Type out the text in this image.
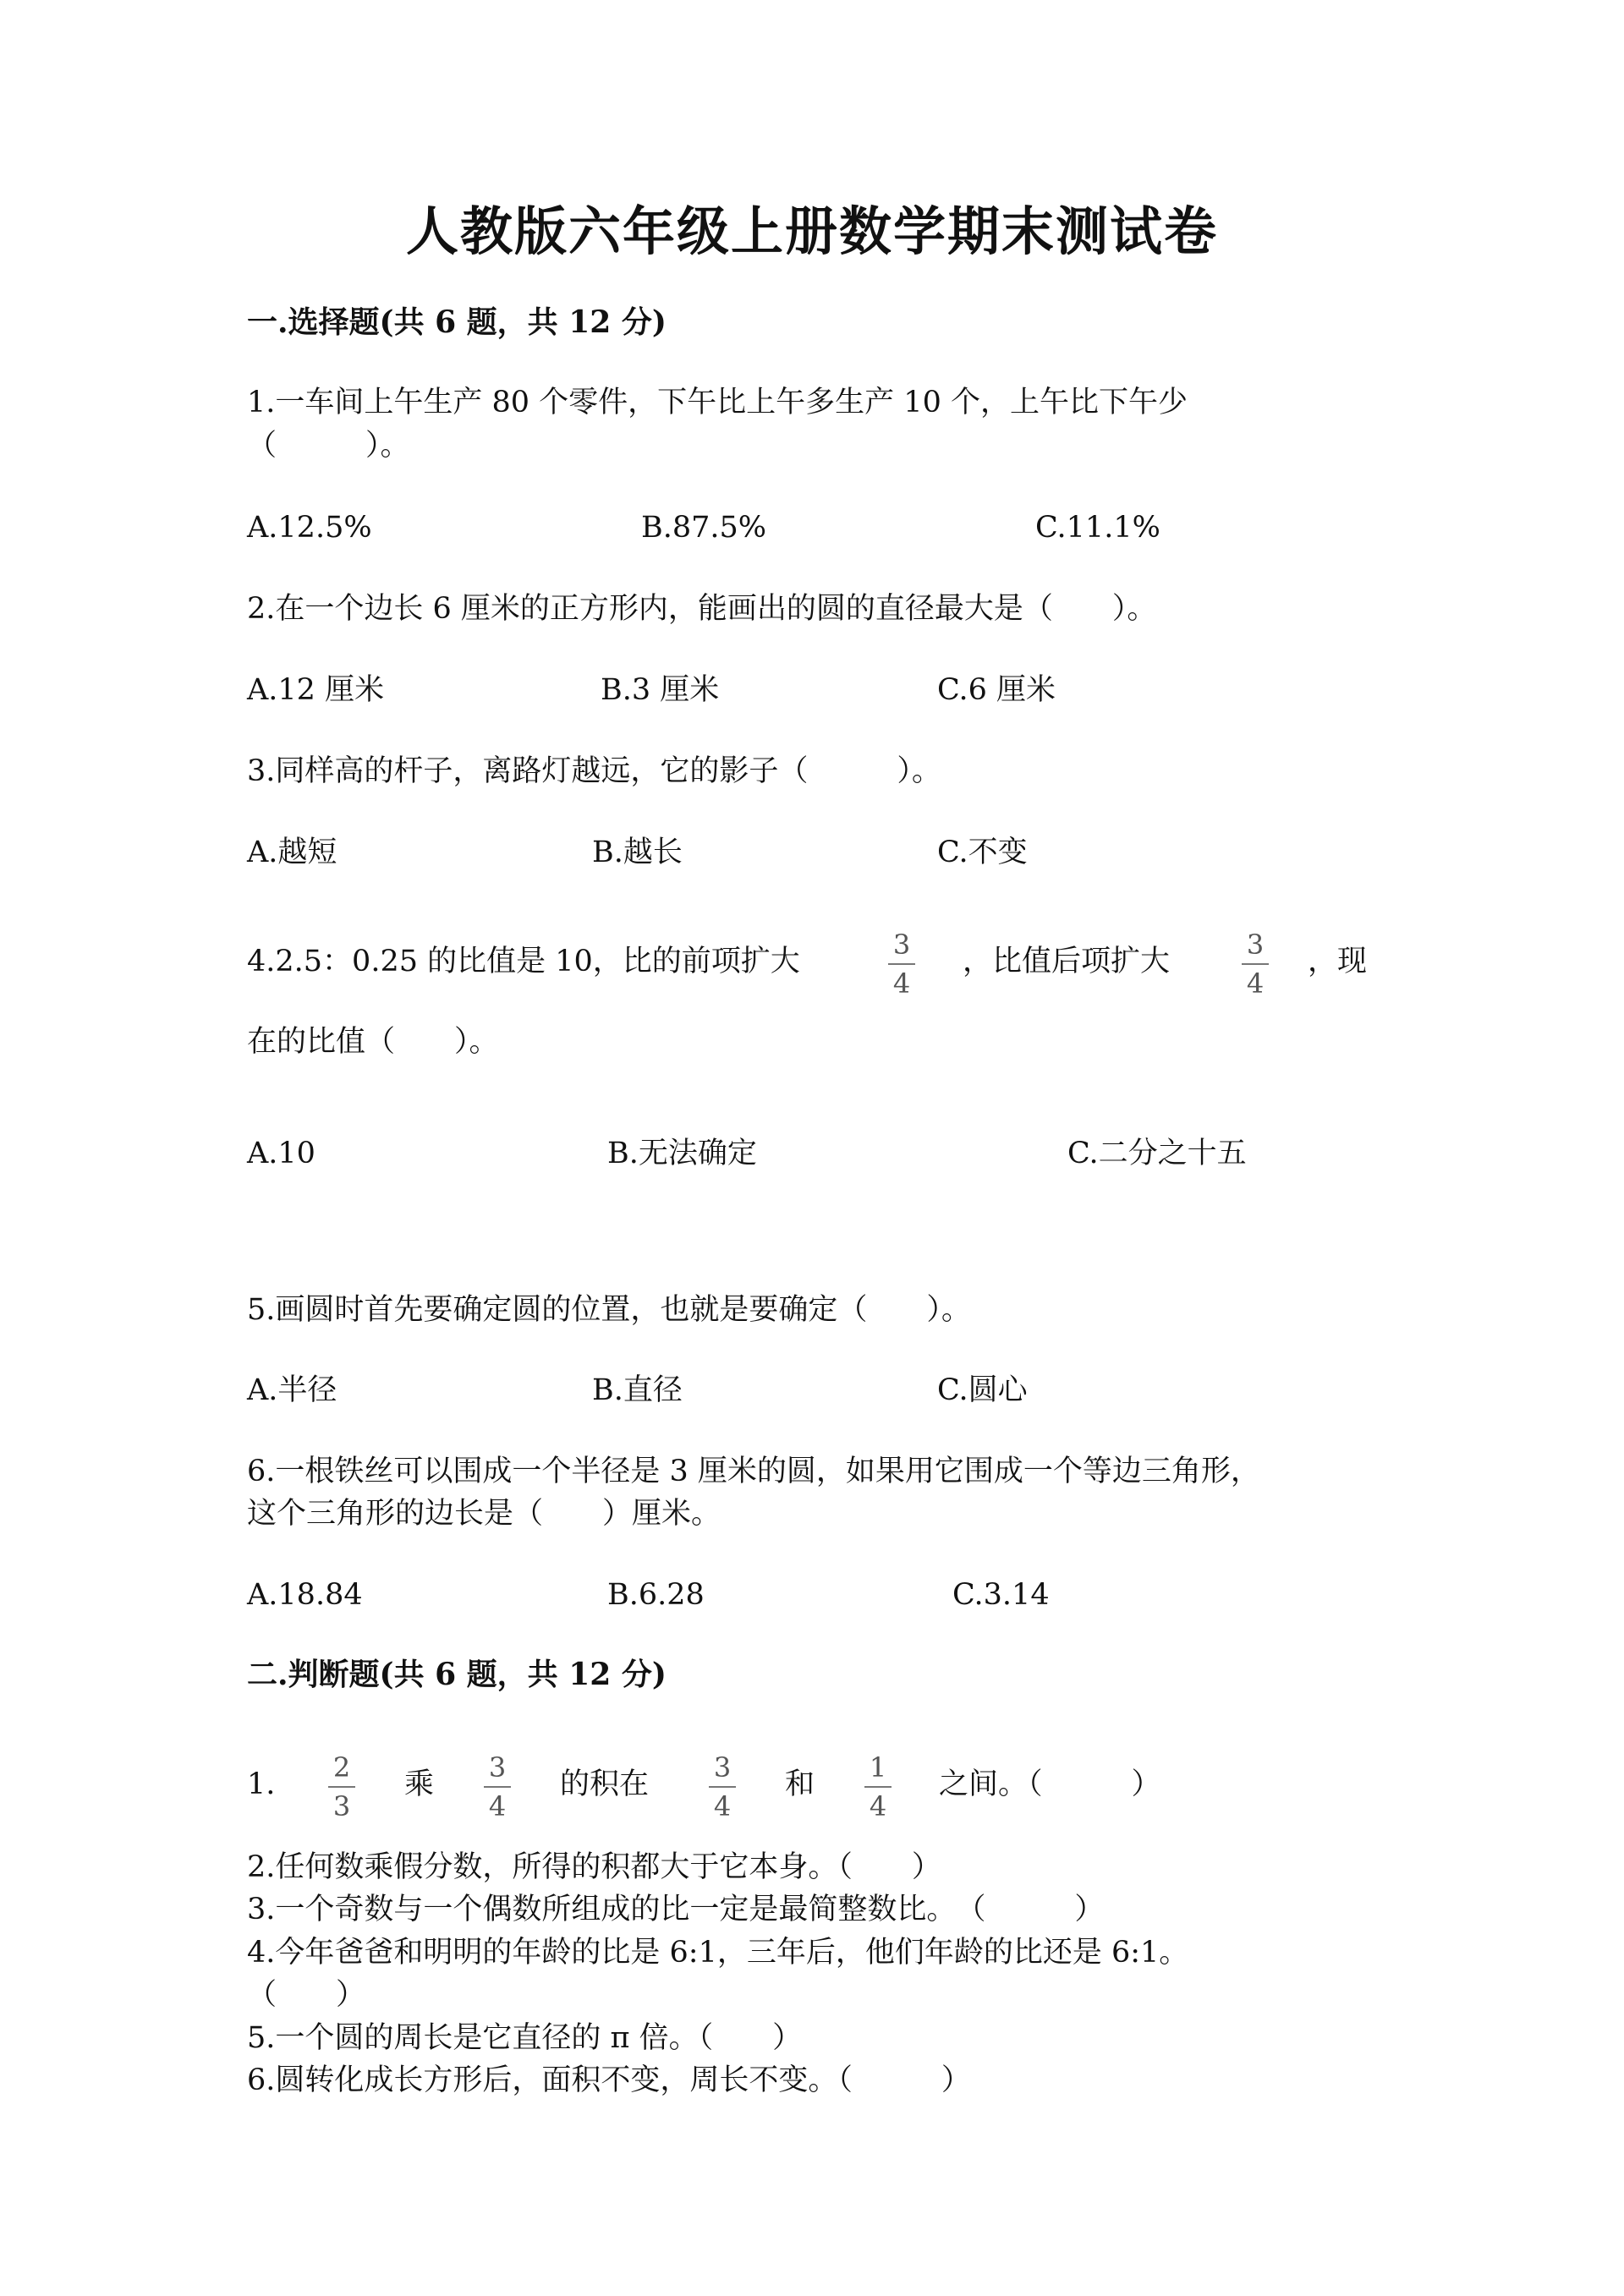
人教版六年级上册数学期末测试卷
一.选择题(共 6 题，共 12 分)
1.一车间上午生产 80 个零件，下午比上午多生产 10 个，上午比下午少
（　　　）。
A.12.5%	B.87.5%	C.11.1%
2.在一个边长 6 厘米的正方形内，能画出的圆的直径最大是（　　）。
A.12 厘米	B.3 厘米	C.6 厘米
3.同样高的杆子，离路灯越远，它的影子（　　　）。
A.越短	B.越长	C.不变
4.2.5：0.25 的比值是 10，比的前项扩大	3
4
，比值后项扩大	3
4
，现
在的比值（　　）。
A.10	B.无法确定	C.二分之十五
5.画圆时首先要确定圆的位置，也就是要确定（　　）。
A.半径	B.直径	C.圆心
6.一根铁丝可以围成一个半径是 3 厘米的圆，如果用它围成一个等边三角形，
这个三角形的边长是（　　）厘米。
A.18.84	B.6.28	C.3.14
二.判断题(共 6 题，共 12 分)
1.	2
3
乘	3
4
的积在	3
4
和	1
4
之间。（　　　）
2.任何数乘假分数，所得的积都大于它本身。（　　）
3.一个奇数与一个偶数所组成的比一定是最简整数比。　（　　　）
4.今年爸爸和明明的年龄的比是 6:1，三年后，他们年龄的比还是 6:1。
（　　）
5.一个圆的周长是它直径的 π 倍。（　　）
6.圆转化成长方形后，面积不变，周长不变。（　　　）
